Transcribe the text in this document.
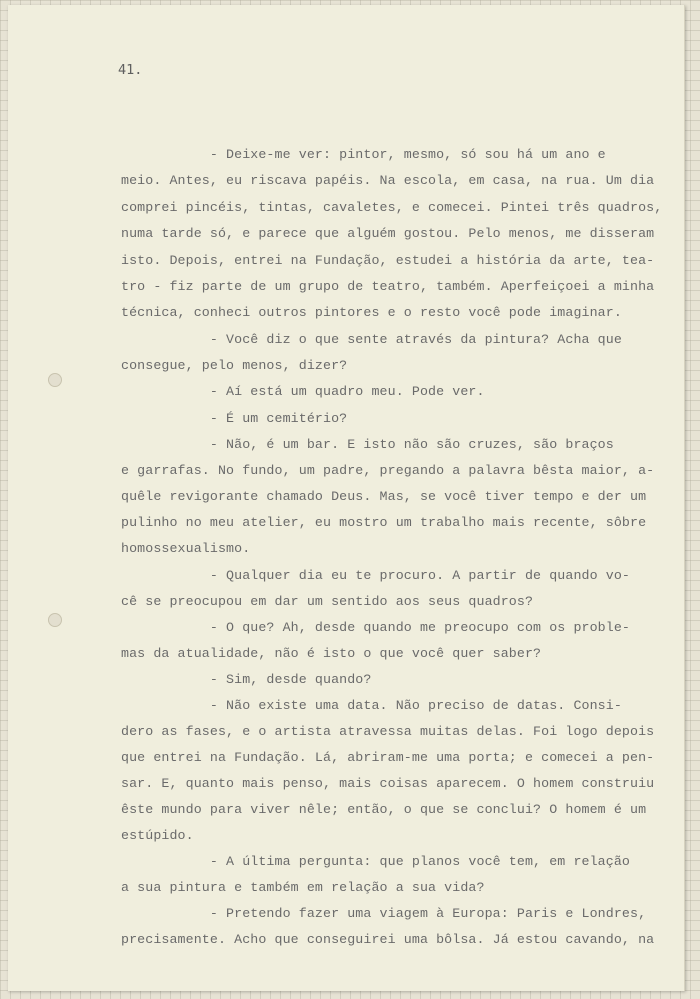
41.
- Deixe-me ver: pintor, mesmo, só sou há um ano e
meio. Antes, eu riscava papéis. Na escola, em casa, na rua. Um dia
comprei pincéis, tintas, cavaletes, e comecei. Pintei três quadros,
numa tarde só, e parece que alguém gostou. Pelo menos, me disseram
isto. Depois, entrei na Fundação, estudei a história da arte, tea-
tro - fiz parte de um grupo de teatro, também. Aperfeiçoei a minha
técnica, conheci outros pintores e o resto você pode imaginar.
- Você diz o que sente através da pintura? Acha que
consegue, pelo menos, dizer?
- Aí está um quadro meu. Pode ver.
- É um cemitério?
- Não, é um bar. E isto não são cruzes, são braços
e garrafas. No fundo, um padre, pregando a palavra bêsta maior, a-
quêle revigorante chamado Deus. Mas, se você tiver tempo e der um
pulinho no meu atelier, eu mostro um trabalho mais recente, sôbre
homossexualismo.
- Qualquer dia eu te procuro. A partir de quando vo-
cê se preocupou em dar um sentido aos seus quadros?
- O que? Ah, desde quando me preocupo com os proble-
mas da atualidade, não é isto o que você quer saber?
- Sim, desde quando?
- Não existe uma data. Não preciso de datas. Consi-
dero as fases, e o artista atravessa muitas delas. Foi logo depois
que entrei na Fundação. Lá, abriram-me uma porta; e comecei a pen-
sar. E, quanto mais penso, mais coisas aparecem. O homem construiu
êste mundo para viver nêle; então, o que se conclui? O homem é um
estúpido.
- A última pergunta: que planos você tem, em relação
a sua pintura e também em relação a sua vida?
- Pretendo fazer uma viagem à Europa: Paris e Londres,
precisamente. Acho que conseguirei uma bôlsa. Já estou cavando, na
